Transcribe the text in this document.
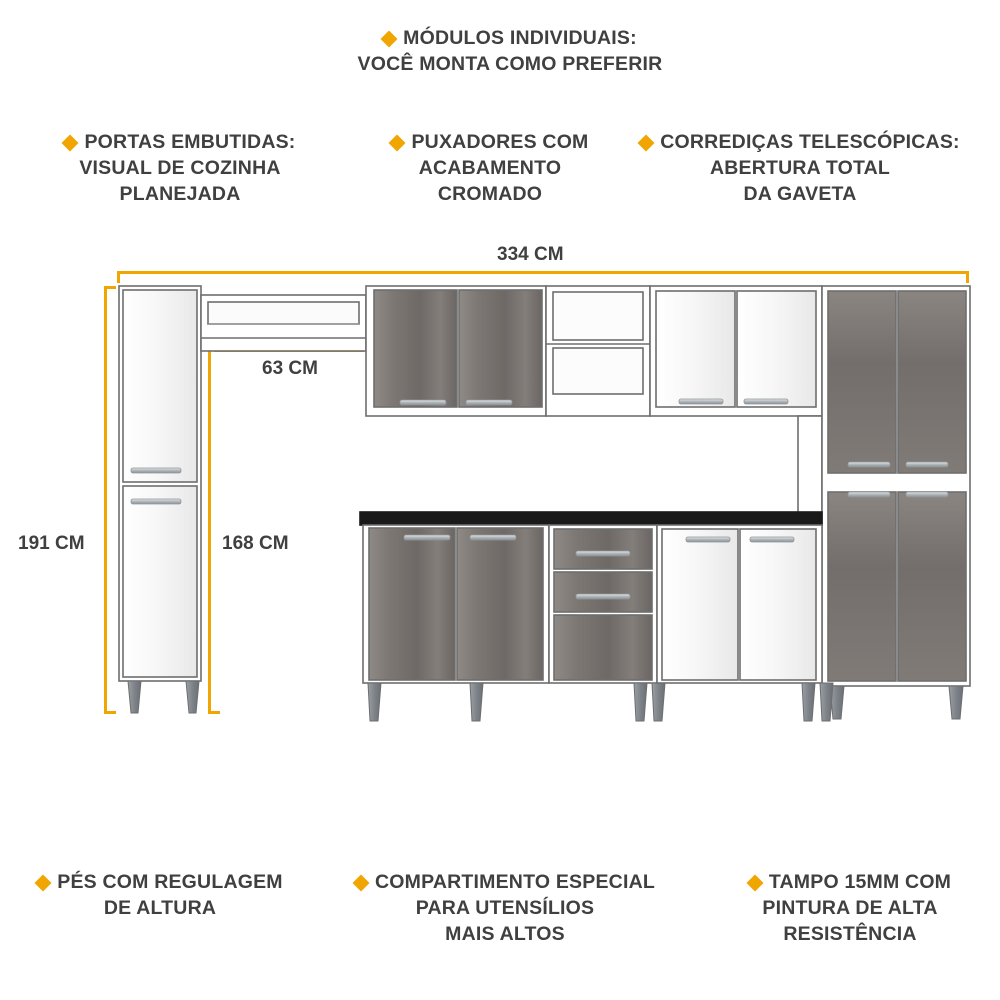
MÓDULOS INDIVIDUAIS:
VOCÊ MONTA COMO PREFERIR
PORTAS EMBUTIDAS:
VISUAL DE COZINHA
PLANEJADA
PUXADORES COM
ACABAMENTO
CROMADO
CORREDIÇAS TELESCÓPICAS:
ABERTURA TOTAL
DA GAVETA
PÉS COM REGULAGEM
DE ALTURA
COMPARTIMENTO ESPECIAL
PARA UTENSÍLIOS
MAIS ALTOS
TAMPO 15MM COM
PINTURA DE ALTA
RESISTÊNCIA
334 CM
63 CM
191 CM	168 CM
